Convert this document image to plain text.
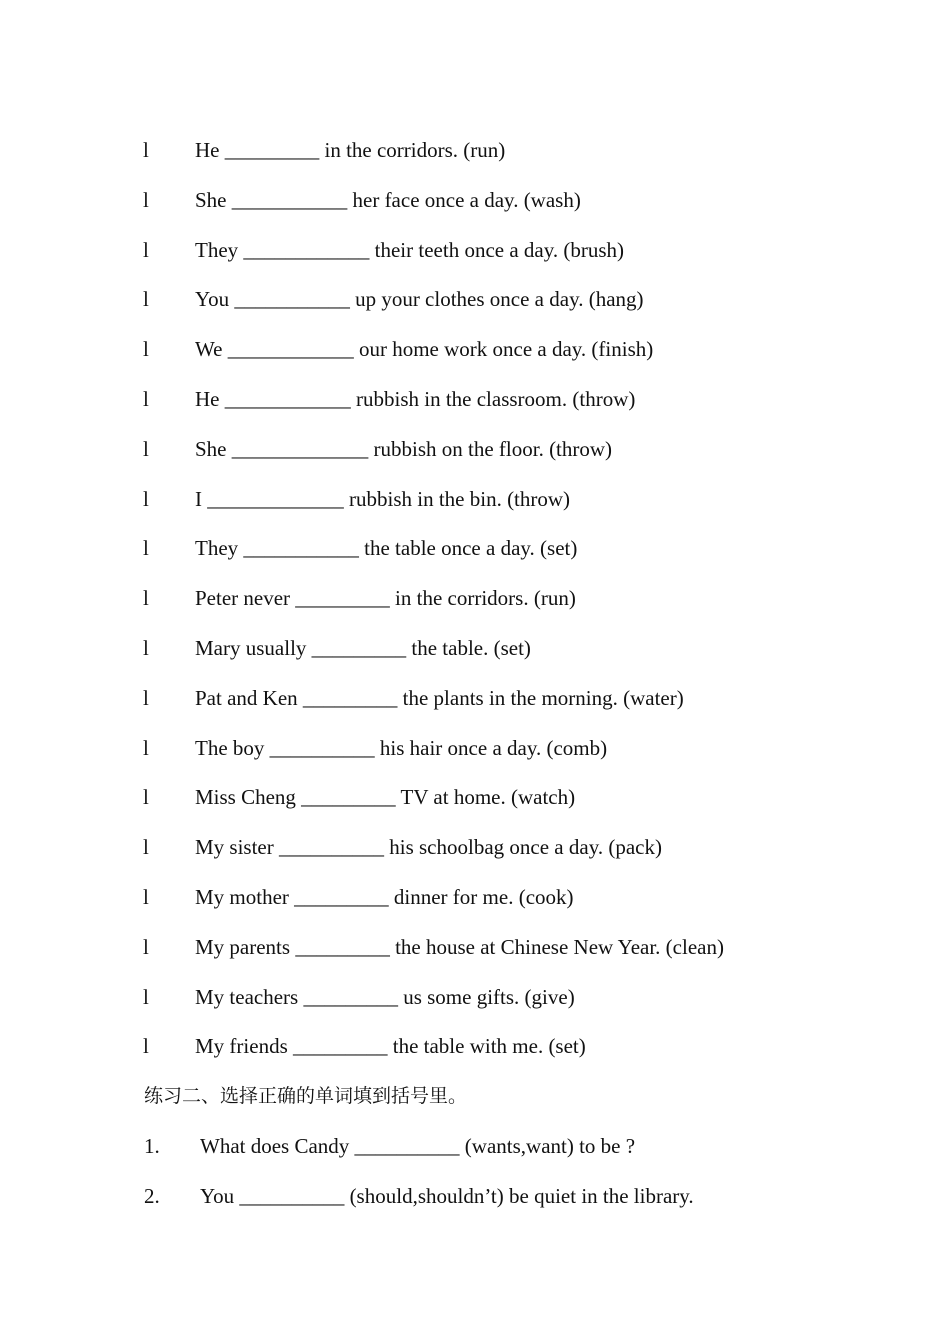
l He _________ in the corridors. (run)
l She ___________ her face once a day. (wash)
l They ____________ their teeth once a day. (brush)
l You ___________ up your clothes once a day. (hang)
l We ____________ our home work once a day. (finish)
l He ____________ rubbish in the classroom. (throw)
l She _____________ rubbish on the floor. (throw)
l I _____________ rubbish in the bin. (throw)
l They ___________ the table once a day. (set)
l Peter never _________ in the corridors. (run)
l Mary usually _________ the table. (set)
l Pat and Ken _________ the plants in the morning. (water)
l The boy __________ his hair once a day. (comb)
l Miss Cheng _________ TV at home. (watch)
l My sister __________ his schoolbag once a day. (pack)
l My mother _________ dinner for me. (cook)
l My parents _________ the house at Chinese New Year. (clean)
l My teachers _________ us some gifts. (give)
l My friends _________ the table with me. (set)
练习二、选择正确的单词填到括号里。
1. What does Candy __________ (wants,want) to be ?
2. You __________ (should,shouldn’t) be quiet in the library.
